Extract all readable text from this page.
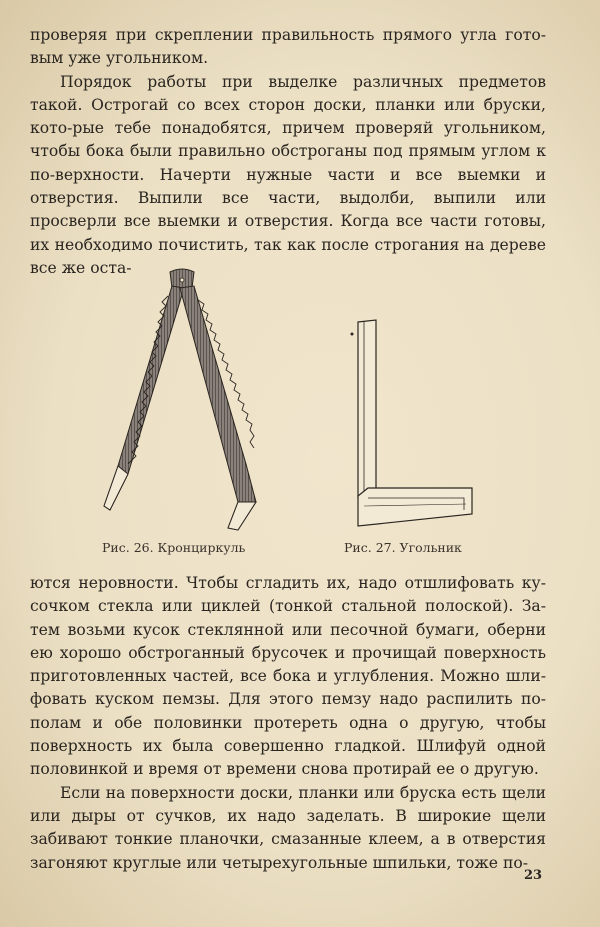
проверяя при скреплении правильность прямого угла гото-вым уже угольником.

Порядок работы при выделке различных предметов такой. Острогай со всех сторон доски, планки или бруски, кото-рые тебе понадобятся, причем проверяй угольником, чтобы бока были правильно обстроганы под прямым углом к по-верхности. Начерти нужные части и все выемки и отверстия. Выпили все части, выдолби, выпили или просверли все выемки и отверстия. Когда все части готовы, их необходимо почистить, так как после строгания на дереве все же оста-

Рис. 26. Кронциркуль	Рис. 27. Угольник

ются неровности. Чтобы сгладить их, надо отшлифовать ку-сочком стекла или циклей (тонкой стальной полоской). За-тем возьми кусок стеклянной или песочной бумаги, оберни ею хорошо обстроганный брусочек и прочищай поверхность приготовленных частей, все бока и углубления. Можно шли-фовать куском пемзы. Для этого пемзу надо распилить по-полам и обе половинки протереть одна о другую, чтобы поверхность их была совершенно гладкой. Шлифуй одной половинкой и время от времени снова протирай ее о другую.

Если на поверхности доски, планки или бруска есть щели или дыры от сучков, их надо заделать. В широкие щели забивают тонкие планочки, смазанные клеем, а в отверстия загоняют круглые или четырехугольные шпильки, тоже по-

23
